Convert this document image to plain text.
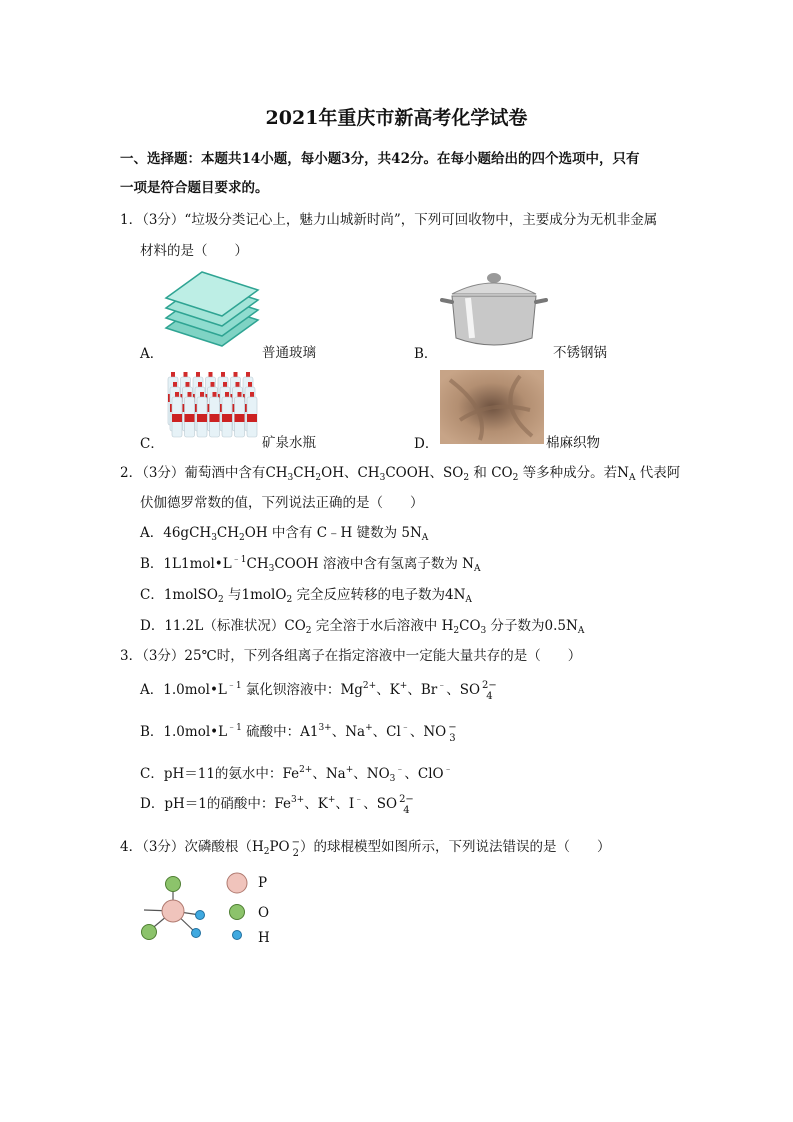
2021年重庆市新高考化学试卷
一、选择题：本题共14小题，每小题3分，共42分。在每小题给出的四个选项中，只有
一项是符合题目要求的。
1．（3分）“垃圾分类记心上，魅力山城新时尚”，下列可回收物中，主要成分为无机非金属
材料的是（　　）
A．	普通玻璃	B．	不锈钢锅
C．	矿泉水瓶	D．	棉麻织物
2．（3分）葡萄酒中含有$CH_3CH_2OH$、$CH_3COOH$、$SO_2$ 和 $CO_2$ 等多种成分。若$N_A$ 代表阿
伏伽德罗常数的值，下列说法正确的是（　　）
A．$46gCH_3CH_2OH$ 中含有 C﹣H 键数为 $5N_A$
B．$1L1mol•L^{﹣1}CH_3COOH$ 溶液中含有氢离子数为 $N_A$
C．1molSO$_2$ 与1molO$_2$ 完全反应转移的电子数为$4N_A$
D．11.2L（标准状况）$CO_2$ 完全溶于水后溶液中 $H_2CO_3$ 分子数为$0.5N_A$
3．（3分）25℃时，下列各组离子在指定溶液中一定能大量共存的是（　　）
A．$1.0mol•L^{﹣1}$ 氯化钡溶液中：$Mg^{2+}$、K+、Br﹣、SO 2−
4
B．$1.0mol•L^{﹣1}$ 硫酸中：$A1^{3+}$、Na+、Cl﹣、NO −
3
C．pH＝11的氨水中：$Fe^{2+}$、Na+、$NO_3^﹣$、ClO﹣
D．pH＝1的硝酸中：$Fe^{3+}$、K+、I﹣、SO 2−
4
4．（3分）次磷酸根（$H_2PO$ −
2 ）的球棍模型如图所示，下列说法错误的是（　　）
P
O
H
